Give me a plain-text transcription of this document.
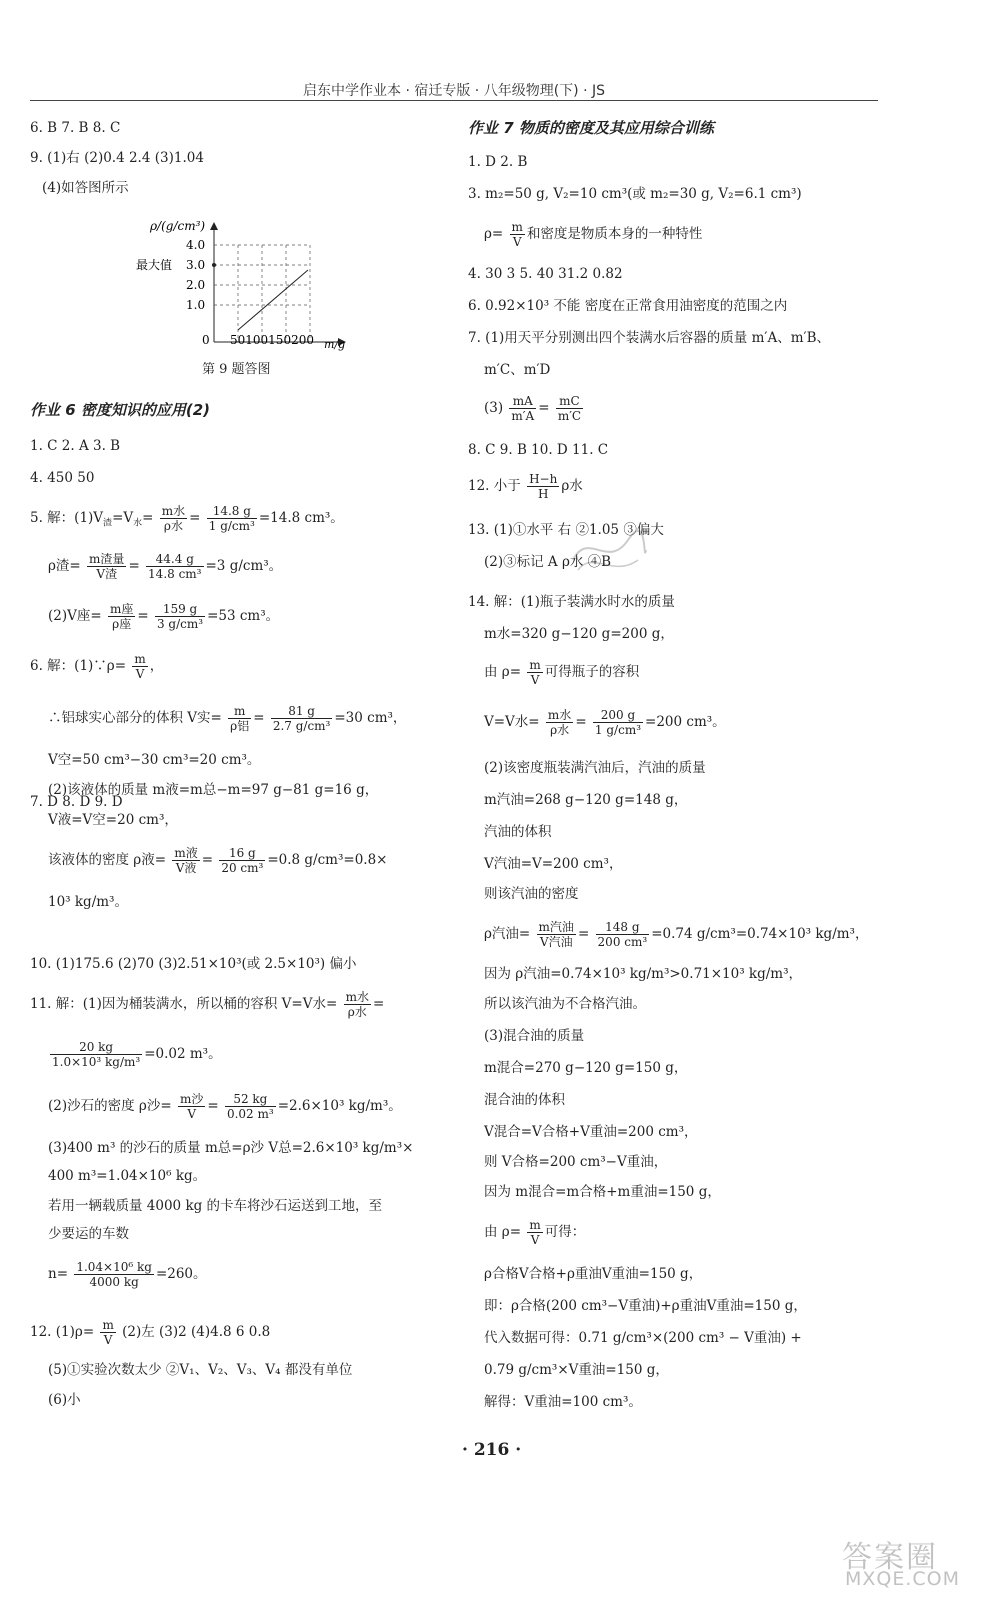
启东中学作业本 · 宿迁专版 · 八年级物理(下) · JS
6. B 7. B 8. C
9. (1)右 (2)0.4 2.4 (3)1.04
(4)如答图所示
7. D 8. D 9. D
ρ/(g/cm³)
4.0
3.0
最大值
2.0
1.0
0 50100150200 m/g
第 9 题答图
作业 6 密度知识的应用(2)
1. C 2. A 3. B
4. 450 50
5. 解：$(1)V_渣=V_水= \frac{\text{m水}}{\text{ρ水}} = \frac{14.8 g}{\text{1 g/cm³}} =14.8$ cm³。
ρ渣= $\frac{\text{m渣量}}{\text{V渣}} = \frac{44.4 g}{\text{14.8 cm³}} =3$ g/cm³。
(2)V座= $\frac{\text{m座}}{\text{ρ座}} = \frac{159 g}{\text{3 g/cm³}} =53$ cm³。
6. 解：(1)∵ρ= $\frac{m}{V}$ ，
∴铝球实心部分的体积 V实= $\frac{m}{\text{ρ铝}} = \frac{81 g}{\text{2.7 g/cm³}} =30$ cm³，
V空=50 cm³−30 cm³=20 cm³。
(2)该液体的质量 m液=m总−m=97 g−81 g=16 g，
V液=V空=20 cm³，
该液体的密度 ρ液= $\frac{\text{m液}}{\text{V液}} = \frac{16 g}{\text{20 cm³}} =0.8$ g/cm³=0.8×
10³ kg/m³。
10. (1)175.6 (2)70 (3)2.51×10³(或 2.5×10³) 偏小
11. 解：(1)因为桶装满水，所以桶的容积 V=V水= $\frac{\text{m水}}{\text{ρ水}}$ =
$\frac{20 kg}{\text{1.0×10³ kg/m³}} =0.02$ m³。
(2)沙石的密度 ρ沙= $\frac{\text{m沙}}{V} = \frac{52 kg}{\text{0.02 m³}} =2.6\times 10^3$ kg/m³。
(3)400 m³ 的沙石的质量 m总=ρ沙 V总=2.6×10³ kg/m³×
400 m³=1.04×10⁶ kg。
若用一辆载质量 4000 kg 的卡车将沙石运送到工地，至
少要运的车数
$n= \frac{\text{1.04×10⁶ kg}}{4000 kg} =260$。
12. $(1)\rho= \frac{m}{V} (2)$左 (3)2 (4)4.8 6 0.8
(5)①实验次数太少 ②V₁、V₂、V₃、V₄ 都没有单位
(6)小
作业 7 物质的密度及其应用综合训练
1. D 2. B
3. m₂=50 g, V₂=10 cm³(或 m₂=30 g, V₂=6.1 cm³)
$\rho= \frac{m}{V}$ 和密度是物质本身的一种特性
4. 30 3 5. 40 31.2 0.82
6. 0.92×10³ 不能 密度在正常食用油密度的范围之内
7. (1)用天平分别测出四个装满水后容器的质量 m′A、m′B、
m′C、m′D
$(3) \frac{mA}{m'A} = \frac{mC}{m'C}$
8. C 9. B 10. D 11. C
12. 小于 $\frac{H-h}{H}$ ρ水
13. (1)①水平 右 ②1.05 ③偏大
(2)③标记 A ρ水 ④B
14. 解：(1)瓶子装满水时水的质量
m水=320 g−120 g=200 g，
由 $\rho= \frac{m}{V}$ 可得瓶子的容积
V=V水= $\frac{\text{m水}}{\text{ρ水}} = \frac{200 g}{\text{1 g/cm³}} =200$ cm³。
(2)该密度瓶装满汽油后，汽油的质量
m汽油=268 g−120 g=148 g，
汽油的体积
V汽油=V=200 cm³，
则该汽油的密度
ρ汽油= $\frac{\text{m汽油}}{\text{V汽油}} = \frac{148 g}{\text{200 cm³}} =0.74$ g/cm³=0.74×10³ kg/m³，
因为 ρ汽油=0.74×10³ kg/m³>0.71×10³ kg/m³，
所以该汽油为不合格汽油。
(3)混合油的质量
m混合=270 g−120 g=150 g，
混合油的体积
V混合=V合格+V重油=200 cm³，
则 V合格=200 cm³−V重油，
因为 m混合=m合格+m重油=150 g，
由 $\rho= \frac{m}{V}$ 可得：
ρ合格V合格+ρ重油V重油=150 g，
即：ρ合格(200 cm³−V重油)+ρ重油V重油=150 g，
代入数据可得：0.71 g/cm³×(200 cm³ − V重油) +
0.79 g/cm³×V重油=150 g，
解得：V重油=100 cm³。
· 216 ·
答案圈
MXQE.COM
